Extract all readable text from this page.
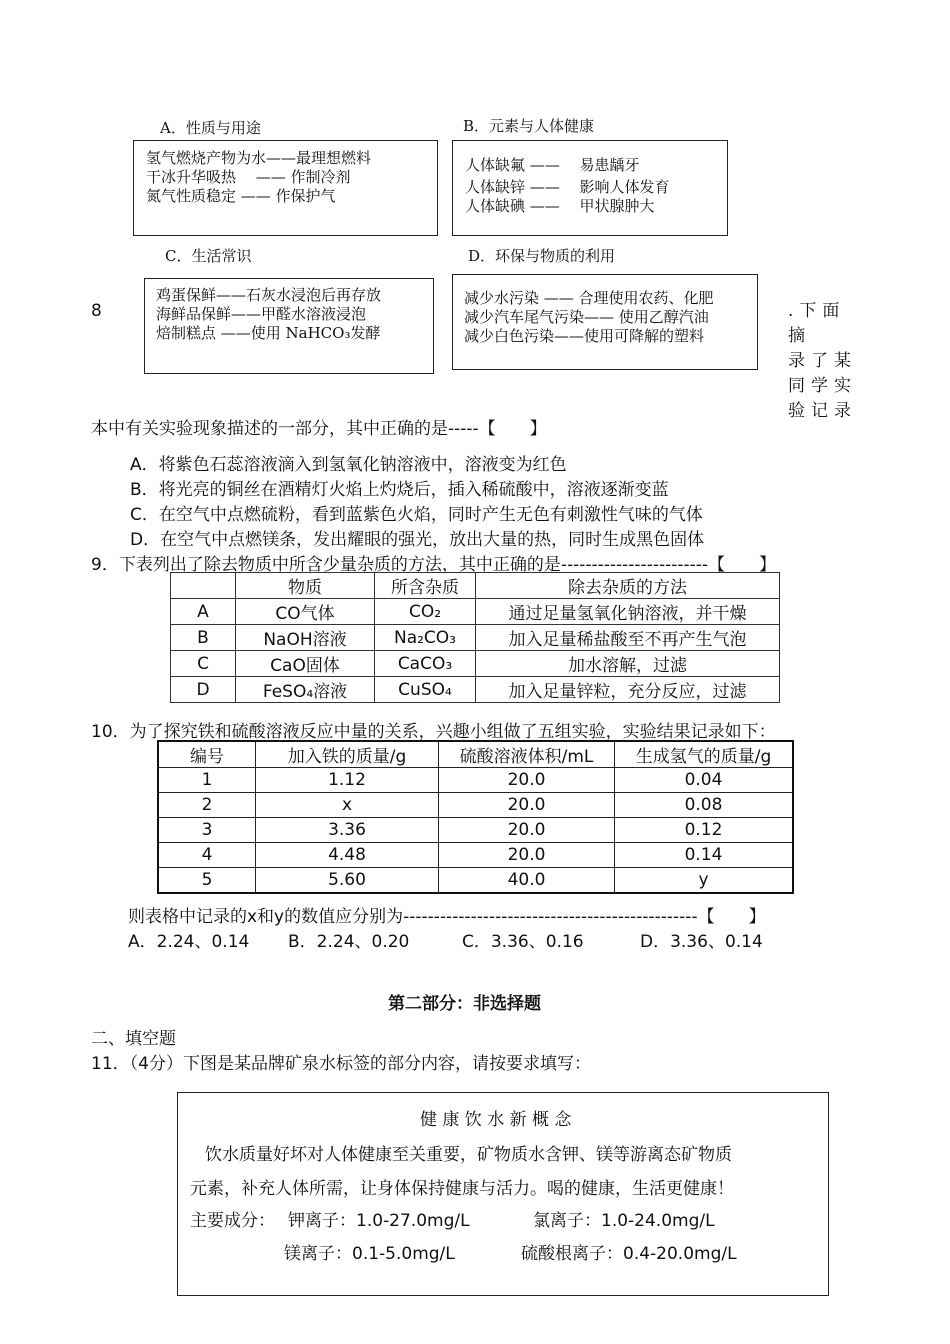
A．性质与用途
氢气燃烧产物为水——最理想燃料
干冰升华吸热　 —— 作制冷剂
氮气性质稳定 —— 作保护气
B．元素与人体健康
人体缺氟 ——　 易患龋牙
人体缺锌 ——　 影响人体发育
人体缺碘 ——　 甲状腺肿大
C．生活常识
鸡蛋保鲜——石灰水浸泡后再存放
海鲜品保鲜——甲醛水溶液浸泡
焙制糕点 ——使用 NaHCO₃发酵
D．环保与物质的利用
减少水污染 —— 合理使用农药、化肥
减少汽车尾气污染—— 使用乙醇汽油
减少白色污染——使用可降解的塑料
8	.下面摘
录了某
同学实
验记录
本中有关实验现象描述的一部分，其中正确的是-----【　　】
A．将紫色石蕊溶液滴入到氢氧化钠溶液中，溶液变为红色
B．将光亮的铜丝在酒精灯火焰上灼烧后，插入稀硫酸中，溶液逐渐变蓝
C．在空气中点燃硫粉，看到蓝紫色火焰，同时产生无色有刺激性气味的气体
D．在空气中点燃镁条，发出耀眼的强光，放出大量的热，同时生成黑色固体
9．下表列出了除去物质中所含少量杂质的方法，其中正确的是------------------------【　　】
	物质	所含杂质	除去杂质的方法
A	CO气体	CO₂	通过足量氢氧化钠溶液，并干燥
B	NaOH溶液	Na₂CO₃	加入足量稀盐酸至不再产生气泡
C	CaO固体	CaCO₃	加水溶解，过滤
D	FeSO₄溶液	CuSO₄	加入足量锌粒，充分反应，过滤
10．为了探究铁和硫酸溶液反应中量的关系，兴趣小组做了五组实验，实验结果记录如下：
编号	加入铁的质量/g	硫酸溶液体积/mL	生成氢气的质量/g
1	1.12	20.0	0.04
2	x	20.0	0.08
3	3.36	20.0	0.12
4	4.48	20.0	0.14
5	5.60	40.0	y
则表格中记录的x和y的数值应分别为------------------------------------------------【　　】
A．2.24、0.14 B．2.24、0.20	C．3.36、0.16	D．3.36、0.14
第二部分：非选择题
二、填空题
11．（4分）下图是某品牌矿泉水标签的部分内容，请按要求填写：
健 康 饮 水 新 概 念
饮水质量好坏对人体健康至关重要，矿物质水含钾、镁等游离态矿物质
元素，补充人体所需，让身体保持健康与活力。喝的健康，生活更健康！
主要成分： 钾离子：1.0-27.0mg/L	氯离子：1.0-24.0mg/L
镁离子：0.1-5.0mg/L	硫酸根离子：0.4-20.0mg/L
